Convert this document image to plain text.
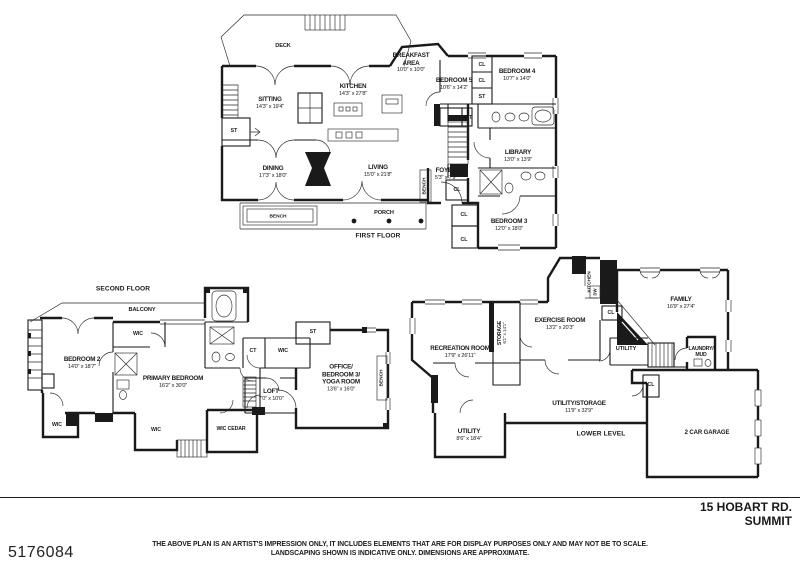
DECK
BREAKFAST
AREA
10'0" x 10'0"
BEDROOM 5
10'6" x 14'2"
BEDROOM 4
10'7" x 14'0"
KITCHEN
14'3" x 27'8"
SITTING
14'3" x 19'4"
LIBRARY
13'0" x 13'9"
DINING
17'3" x 18'0"
LIVING
15'0" x 21'8"
FOYER
5'3" x 7'9"
BEDROOM 3
12'0" x 18'0"
PORCH
FIRST FLOOR
BENCH
BENCH
ST
CL
CL
ST
CL ST
CL
CL
CL
SECOND FLOOR
BALCONY
WIC
BEDROOM 2
14'0" x 18'7"
PRIMARY BEDROOM
16'2" x 30'0"
CT	WIC
ST
OFFICE/
BEDROOM 3/
YOGA ROOM
13'6" x 16'0"
LOFT
7'0" x 10'0"
WIC CEDAR
WIC
WIC
BENCH
FAMILY
16'9" x 27'4"
EXERCISE ROOM
13'2" x 20'3"
RECREATION ROOM
17'9" x 26'11"
STORAGE 6'1" x 14'1"
KITCHEN DW
CL
UTILITY	LAUNDRY/
MUD
CL
UTILITY/STORAGE
11'9" x 32'9"
UTILITY
8'6" x 18'4"
LOWER LEVEL	2 CAR GARAGE
15 HOBART RD.
SUMMIT
THE ABOVE PLAN IS AN ARTIST'S IMPRESSION ONLY, IT INCLUDES ELEMENTS THAT ARE FOR DISPLAY PURPOSES ONLY AND MAY NOT BE TO SCALE.
LANDSCAPING SHOWN IS INDICATIVE ONLY. DIMENSIONS ARE APPROXIMATE.
5176084
